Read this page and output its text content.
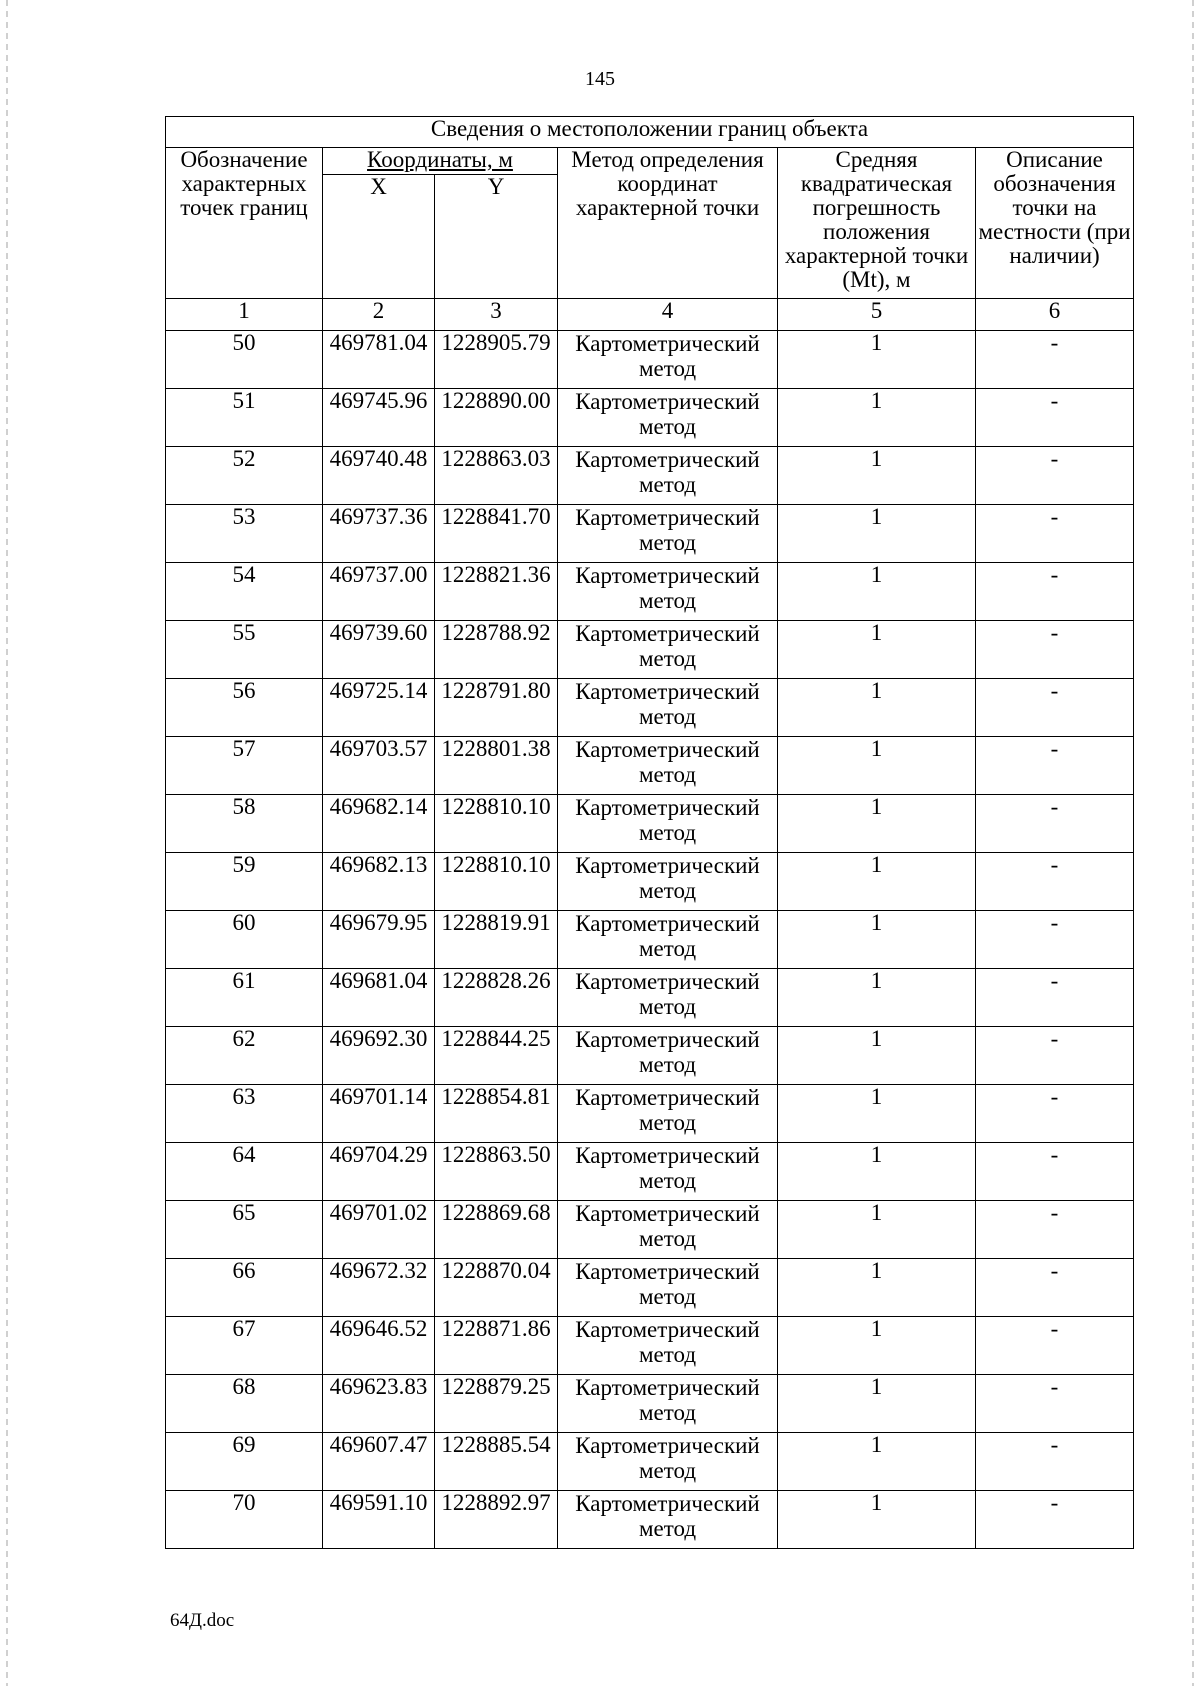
145
Сведения о местоположении границ объекта					
Обозначение характерных точек границ	Координаты, м		Метод определения координат характерной точки	Средняя квадратическая погрешность положения характерной точки (Mt), м	Описание обозначения точки на местности (при наличии)
	X	Y			
1	2	3	4	5	6
50	469781.04	1228905.79	Картометрический метод	1	-
51	469745.96	1228890.00	Картометрический метод	1	-
52	469740.48	1228863.03	Картометрический метод	1	-
53	469737.36	1228841.70	Картометрический метод	1	-
54	469737.00	1228821.36	Картометрический метод	1	-
55	469739.60	1228788.92	Картометрический метод	1	-
56	469725.14	1228791.80	Картометрический метод	1	-
57	469703.57	1228801.38	Картометрический метод	1	-
58	469682.14	1228810.10	Картометрический метод	1	-
59	469682.13	1228810.10	Картометрический метод	1	-
60	469679.95	1228819.91	Картометрический метод	1	-
61	469681.04	1228828.26	Картометрический метод	1	-
62	469692.30	1228844.25	Картометрический метод	1	-
63	469701.14	1228854.81	Картометрический метод	1	-
64	469704.29	1228863.50	Картометрический метод	1	-
65	469701.02	1228869.68	Картометрический метод	1	-
66	469672.32	1228870.04	Картометрический метод	1	-
67	469646.52	1228871.86	Картометрический метод	1	-
68	469623.83	1228879.25	Картометрический метод	1	-
69	469607.47	1228885.54	Картометрический метод	1	-
70	469591.10	1228892.97	Картометрический метод	1	-
64Д.doc
